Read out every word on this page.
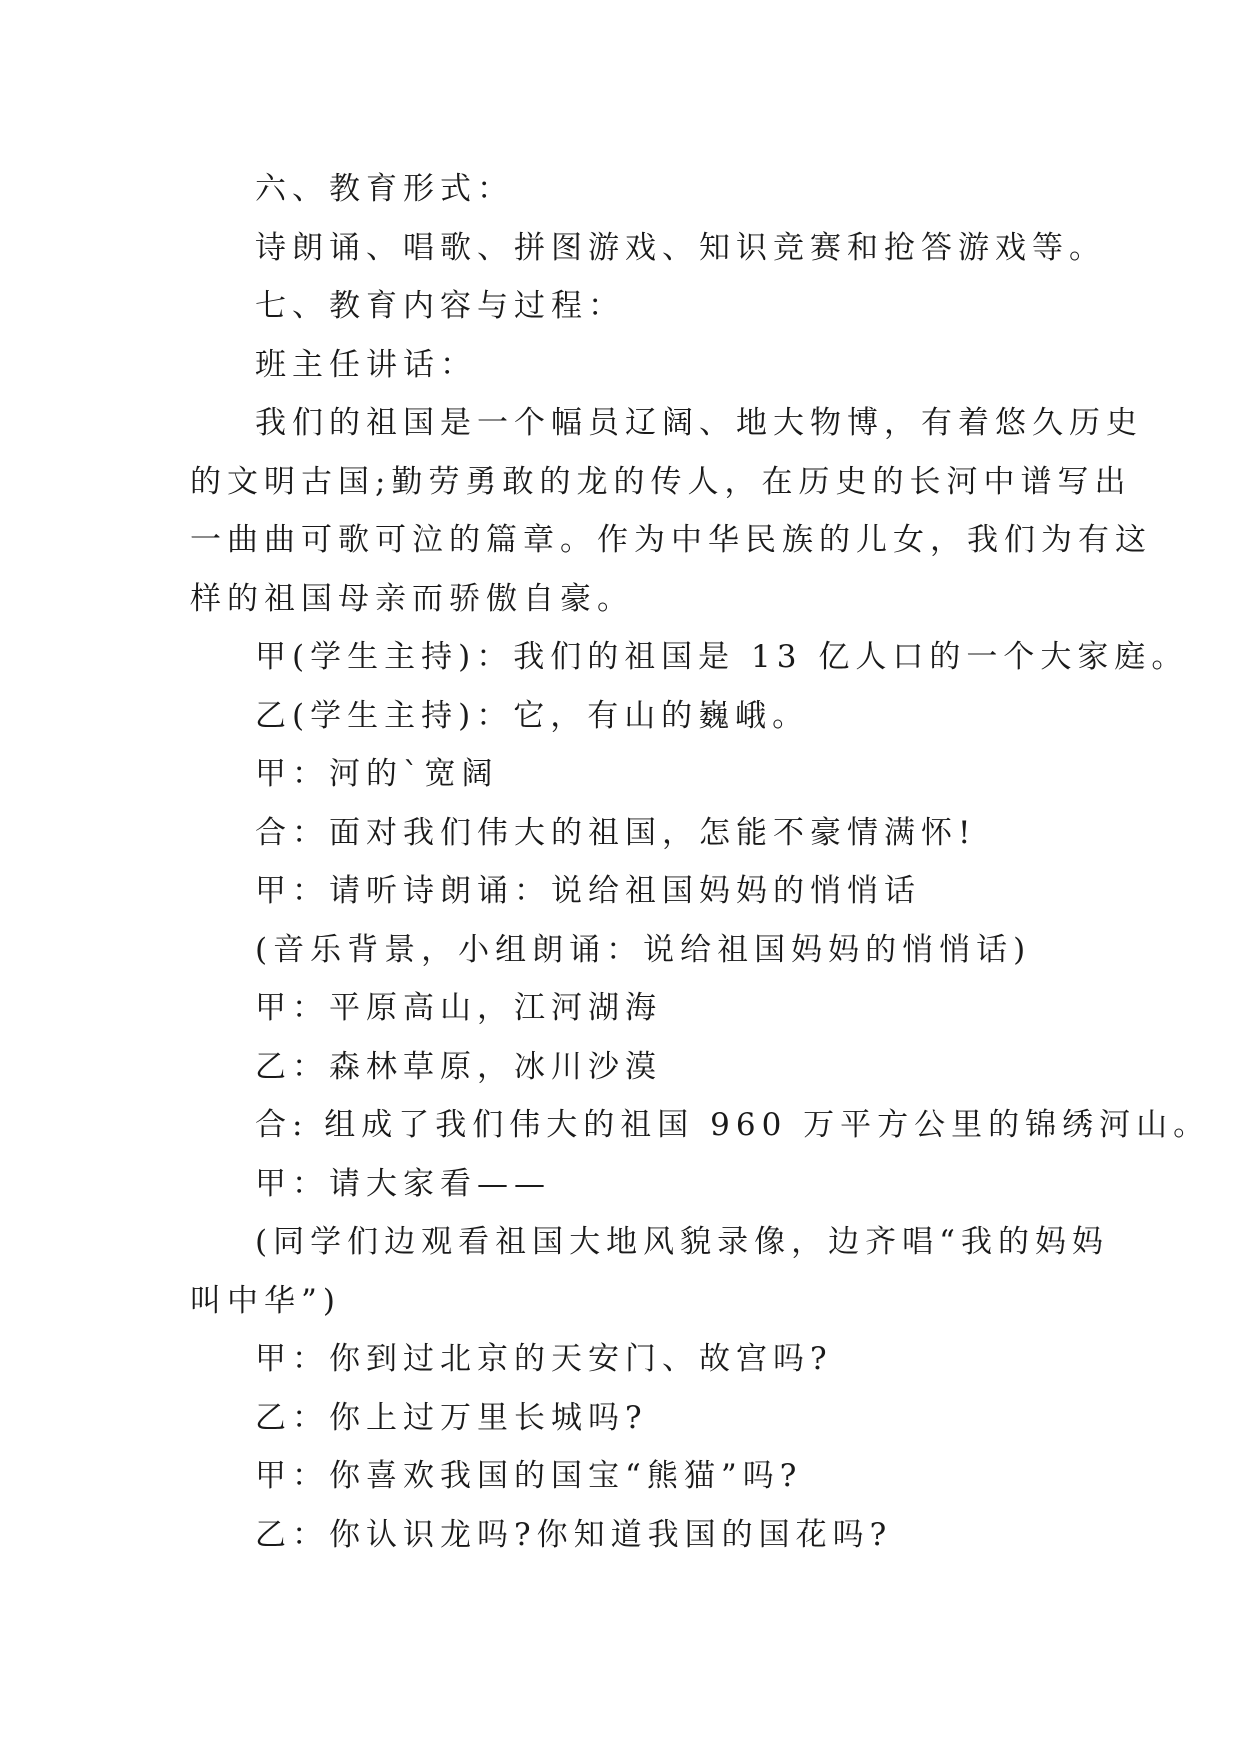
六、教育形式：

诗朗诵、唱歌、拼图游戏、知识竞赛和抢答游戏等。

七、教育内容与过程：

班主任讲话：

我们的祖国是一个幅员辽阔、地大物博，有着悠久历史

的文明古国;勤劳勇敢的龙的传人，在历史的长河中谱写出

一曲曲可歌可泣的篇章。作为中华民族的儿女，我们为有这

样的祖国母亲而骄傲自豪。

甲(学生主持)：我们的祖国是 13 亿人口的一个大家庭。

乙(学生主持)：它，有山的巍峨。

甲：河的`宽阔

合：面对我们伟大的祖国，怎能不豪情满怀!

甲：请听诗朗诵：说给祖国妈妈的悄悄话

(音乐背景，小组朗诵：说给祖国妈妈的悄悄话)

甲：平原高山，江河湖海

乙：森林草原，冰川沙漠

合: 组成了我们伟大的祖国 960 万平方公里的锦绣河山。

甲：请大家看——

(同学们边观看祖国大地风貌录像，边齐唱“我的妈妈

叫中华”)

甲：你到过北京的天安门、故宫吗?

乙：你上过万里长城吗?

甲：你喜欢我国的国宝“熊猫”吗?

乙：你认识龙吗?你知道我国的国花吗?
